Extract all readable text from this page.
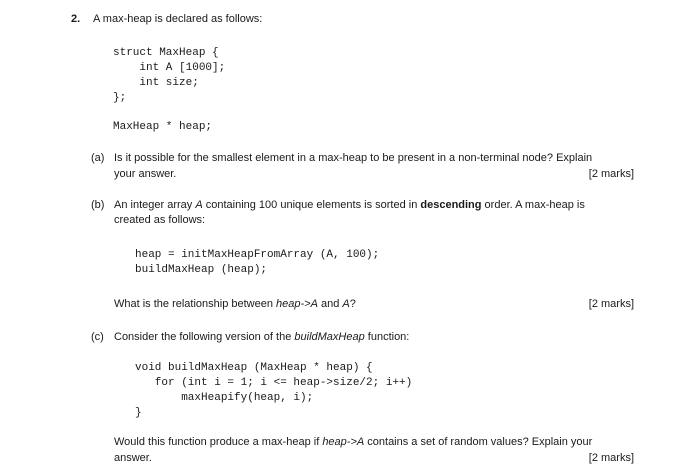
2. A max-heap is declared as follows:
struct MaxHeap {
int A [1000];
int size;
};
MaxHeap * heap;
(a) Is it possible for the smallest element in a max-heap to be present in a non-terminal node? Explain
your answer.	[2 marks]
(b) An integer array A containing 100 unique elements is sorted in descending order. A max-heap is
created as follows:
heap = initMaxHeapFromArray (A, 100);
buildMaxHeap (heap);
What is the relationship between heap->A and A?	[2 marks]
(c) Consider the following version of the buildMaxHeap function:
void buildMaxHeap (MaxHeap * heap) {
for (int i = 1; i <= heap->size/2; i++)
maxHeapify(heap, i);
}
Would this function produce a max-heap if heap->A contains a set of random values? Explain your
answer.	[2 marks]
